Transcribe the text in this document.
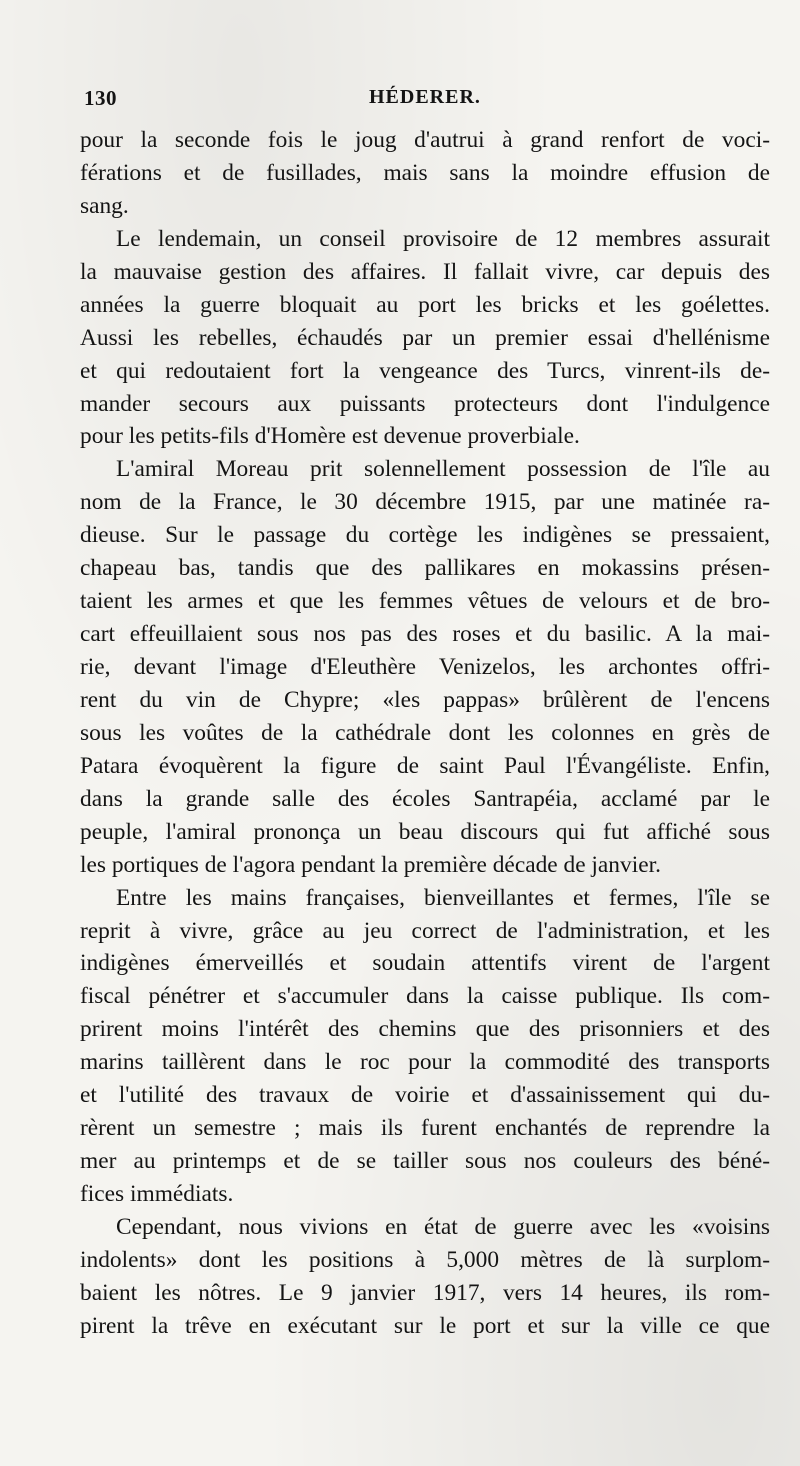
130	HÉDERER.
pour la seconde fois le joug d'autrui à grand renfort de voci-
férations et de fusillades, mais sans la moindre effusion de
sang.
Le lendemain, un conseil provisoire de 12 membres assurait
la mauvaise gestion des affaires. Il fallait vivre, car depuis des
années la guerre bloquait au port les bricks et les goélettes.
Aussi les rebelles, échaudés par un premier essai d'hellénisme
et qui redoutaient fort la vengeance des Turcs, vinrent-ils de-
mander secours aux puissants protecteurs dont l'indulgence
pour les petits-fils d'Homère est devenue proverbiale.
L'amiral Moreau prit solennellement possession de l'île au
nom de la France, le 30 décembre 1915, par une matinée ra-
dieuse. Sur le passage du cortège les indigènes se pressaient,
chapeau bas, tandis que des pallikares en mokassins présen-
taient les armes et que les femmes vêtues de velours et de bro-
cart effeuillaient sous nos pas des roses et du basilic. A la mai-
rie, devant l'image d'Eleuthère Venizelos, les archontes offri-
rent du vin de Chypre; «les pappas» brûlèrent de l'encens
sous les voûtes de la cathédrale dont les colonnes en grès de
Patara évoquèrent la figure de saint Paul l'Évangéliste. Enfin,
dans la grande salle des écoles Santrapéia, acclamé par le
peuple, l'amiral prononça un beau discours qui fut affiché sous
les portiques de l'agora pendant la première décade de janvier.
Entre les mains françaises, bienveillantes et fermes, l'île se
reprit à vivre, grâce au jeu correct de l'administration, et les
indigènes émerveillés et soudain attentifs virent de l'argent
fiscal pénétrer et s'accumuler dans la caisse publique. Ils com-
prirent moins l'intérêt des chemins que des prisonniers et des
marins taillèrent dans le roc pour la commodité des transports
et l'utilité des travaux de voirie et d'assainissement qui du-
rèrent un semestre ; mais ils furent enchantés de reprendre la
mer au printemps et de se tailler sous nos couleurs des béné-
fices immédiats.
Cependant, nous vivions en état de guerre avec les «voisins
indolents» dont les positions à 5,000 mètres de là surplom-
baient les nôtres. Le 9 janvier 1917, vers 14 heures, ils rom-
pirent la trêve en exécutant sur le port et sur la ville ce que
